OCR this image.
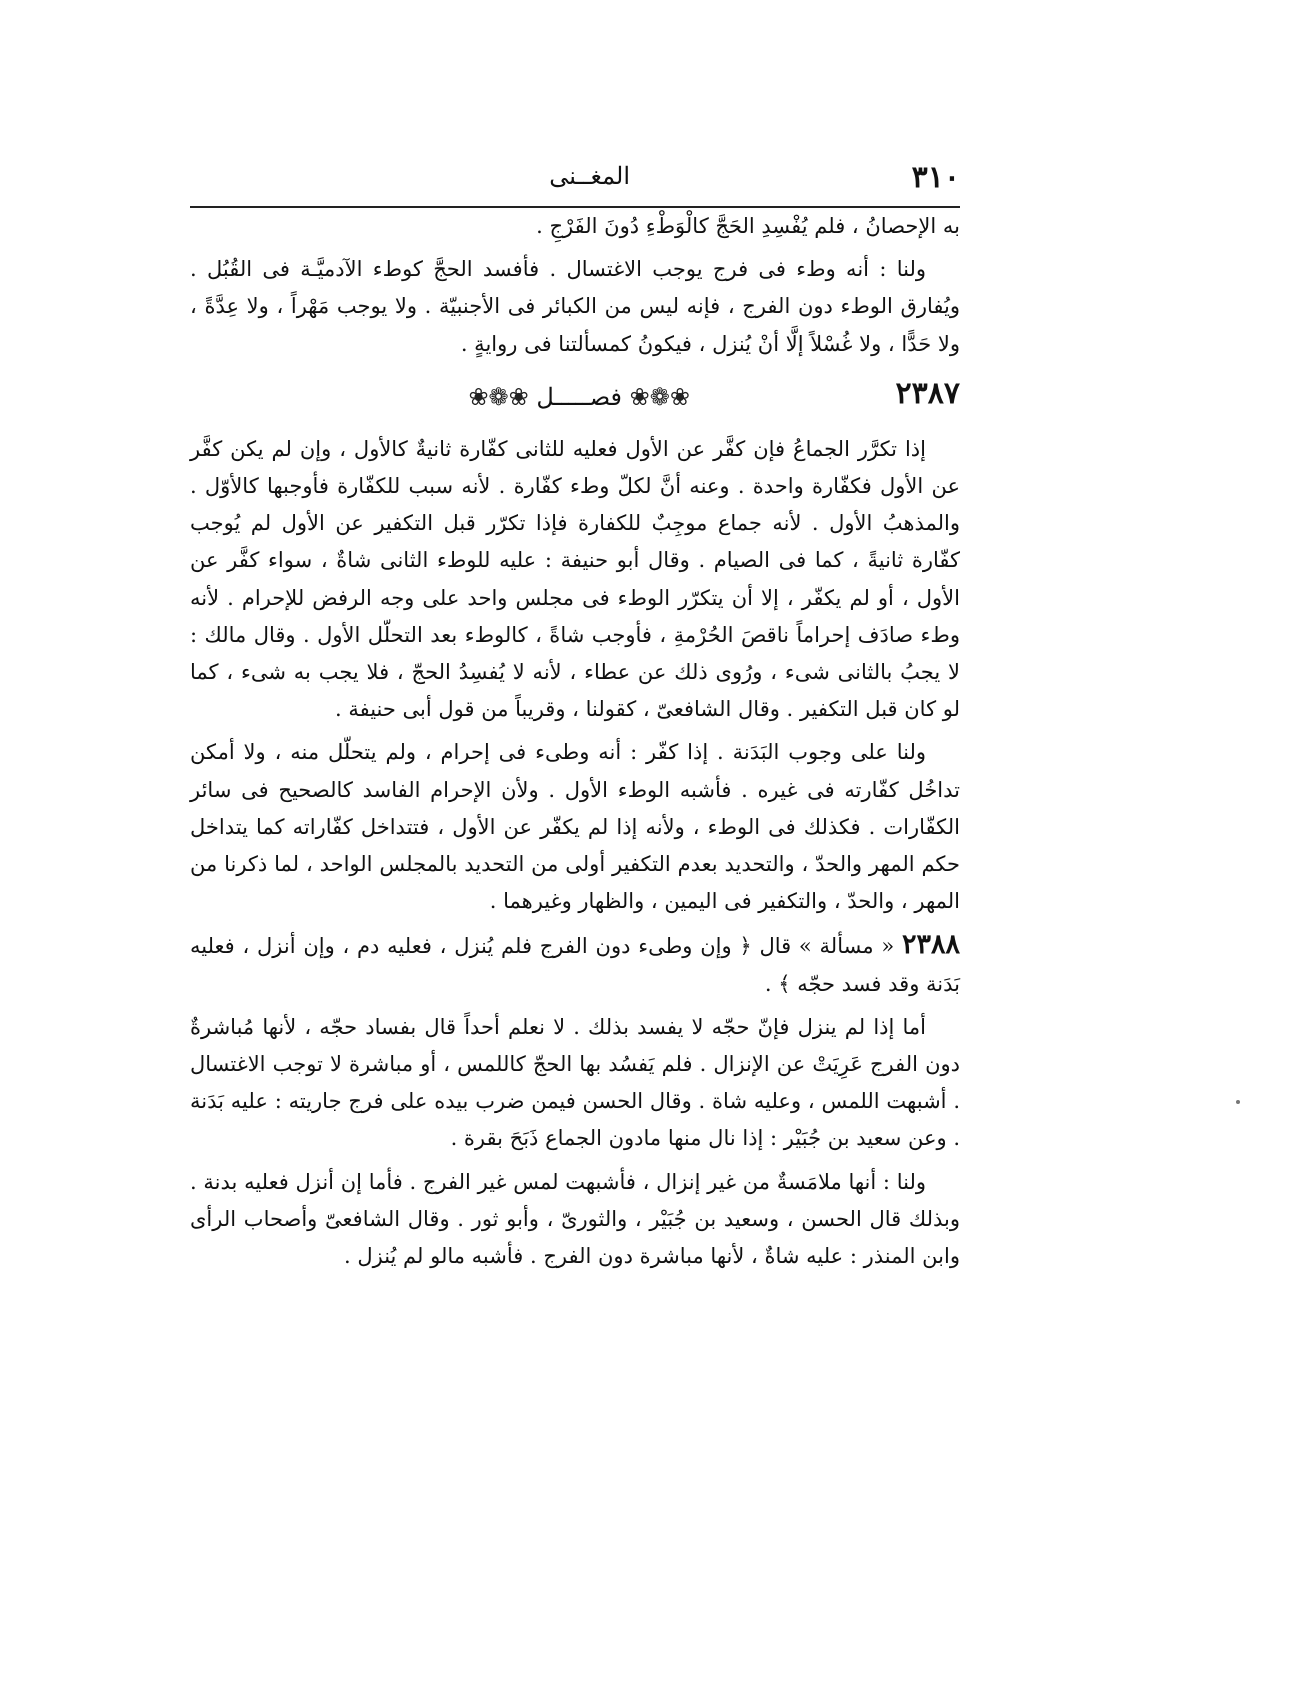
٣١٠
المغــنى

به الإحصانُ ، فلم يُفْسِدِ الحَجَّ كالْوَطْءِ دُونَ الفَرْجِ .

ولنا : أنه وطء فى فرج يوجب الاغتسال . فأفسد الحجَّ كوطء الآدميَّـة فى القُبُل . ويُفارق الوطء دون الفرج ، فإنه ليس من الكبائر فى الأجنبيّة . ولا يوجب مَهْراً ، ولا عِدَّةً ، ولا حَدًّا ، ولا غُسْلاً إلَّا أنْ يُنزل ، فيكونُ كمسألتنا فى روايةٍ .

٢٣٨٧
❀❁❀ فصـــــل ❀❁❀

إذا تكرَّر الجماعُ فإن كفَّر عن الأول فعليه للثانى كفّارة ثانيةٌ كالأول ، وإن لم يكن كفَّر عن الأول فكفّارة واحدة . وعنه أنَّ لكلّ وطء كفّارة . لأنه سبب للكفّارة فأوجبها كالأوّل . والمذهبُ الأول . لأنه جماع موجِبٌ للكفارة فإذا تكرّر قبل التكفير عن الأول لم يُوجب كفّارة ثانيةً ، كما فى الصيام . وقال أبو حنيفة : عليه للوطء الثانى شاةٌ ، سواء كفَّر عن الأول ، أو لم يكفّر ، إلا أن يتكرّر الوطء فى مجلس واحد على وجه الرفض للإحرام . لأنه وطء صادَف إحراماً ناقصَ الحُرْمةِ ، فأوجب شاةً ، كالوطء بعد التحلّل الأول . وقال مالك : لا يجبُ بالثانى شىء ، ورُوى ذلك عن عطاء ، لأنه لا يُفسِدُ الحجّ ، فلا يجب به شىء ، كما لو كان قبل التكفير . وقال الشافعىّ ، كقولنا ، وقريباً من قول أبى حنيفة .

ولنا على وجوب البَدَنة . إذا كفّر : أنه وطىء فى إحرام ، ولم يتحلّل منه ، ولا أمكن تداخُل كفّارته فى غيره . فأشبه الوطء الأول . ولأن الإحرام الفاسد كالصحيح فى سائر الكفّارات . فكذلك فى الوطء ، ولأنه إذا لم يكفّر عن الأول ، فتتداخل كفّاراته كما يتداخل حكم المهر والحدّ ، والتحديد بعدم التكفير أولى من التحديد بالمجلس الواحد ، لما ذكرنا من المهر ، والحدّ ، والتكفير فى اليمين ، والظهار وغيرهما .

٢٣٨٨ « مسألة » قال ﴿ وإن وطىء دون الفرج فلم يُنزل ، فعليه دم ، وإن أنزل ، فعليه بَدَنة وقد فسد حجّه ﴾ .

أما إذا لم ينزل فإنّ حجّه لا يفسد بذلك . لا نعلم أحداً قال بفساد حجّه ، لأنها مُباشرةٌ دون الفرج عَرِيَتْ عن الإنزال . فلم يَفسُد بها الحجّ كاللمس ، أو مباشرة لا توجب الاغتسال . أشبهت اللمس ، وعليه شاة . وقال الحسن فيمن ضرب بيده على فرج جاريته : عليه بَدَنة . وعن سعيد بن جُبَيْر : إذا نال منها مادون الجماع ذَبَحَ بقرة .

ولنا : أنها ملامَسةٌ من غير إنزال ، فأشبهت لمس غير الفرج . فأما إن أنزل فعليه بدنة . وبذلك قال الحسن ، وسعيد بن جُبَيْر ، والثورىّ ، وأبو ثور . وقال الشافعىّ وأصحاب الرأى وابن المنذر : عليه شاةٌ ، لأنها مباشرة دون الفرج . فأشبه مالو لم يُنزل .
